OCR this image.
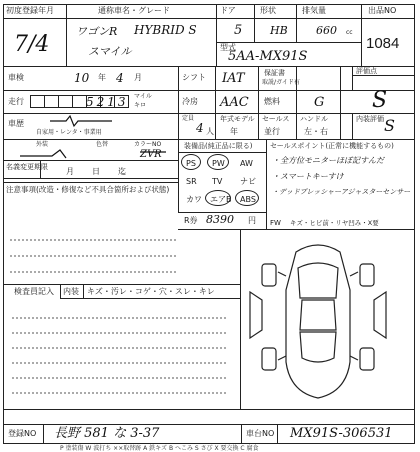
初度登録年月
7/4
通称車名・グレード
ワゴンR HYBRID S
スマイル
ドア
5
形状
HB
排気量
660 cc
出品NO
1084
型式
5AA-MX91S
車検	10 年 4 月
走行	5213 マイル
キロ
車歴
自家用・レンタ・事業用
シフト IAT	保証書
取説/ガイド有
評価点
S
冷房 AAC 燃料	G
定員
4 人
年式モデル
年
セールス
並行
ハンドル
左・右
内装評価 S
外装	色替	カラーNO
ZVR
名義変更期限 月 日 迄
注意事項(改造・修復など不具合箇所および状態)
装備品(純正品に限る)
PS PW AW
SR TV ナビ
カワ エアB ABS
R券 8390 円 FW キズ・ヒビ前・リヤ凹み・X要
セールスポイント(正常に機能するもの)
・全方位モニターほぼ記すんだ
・スマートキーすけ
・デッドプレッシャーアジャスターセンサー
検査員記入 内装 キズ・汚レ・コゲ・穴・スレ・キレ
登録NO 長野 581 な 3-37	車台NO MX91S-306531
P 塗装傷 W 波打ち ××取替跡 A 鉄キズ B へこみ S さび X 要交換 C 腐食
